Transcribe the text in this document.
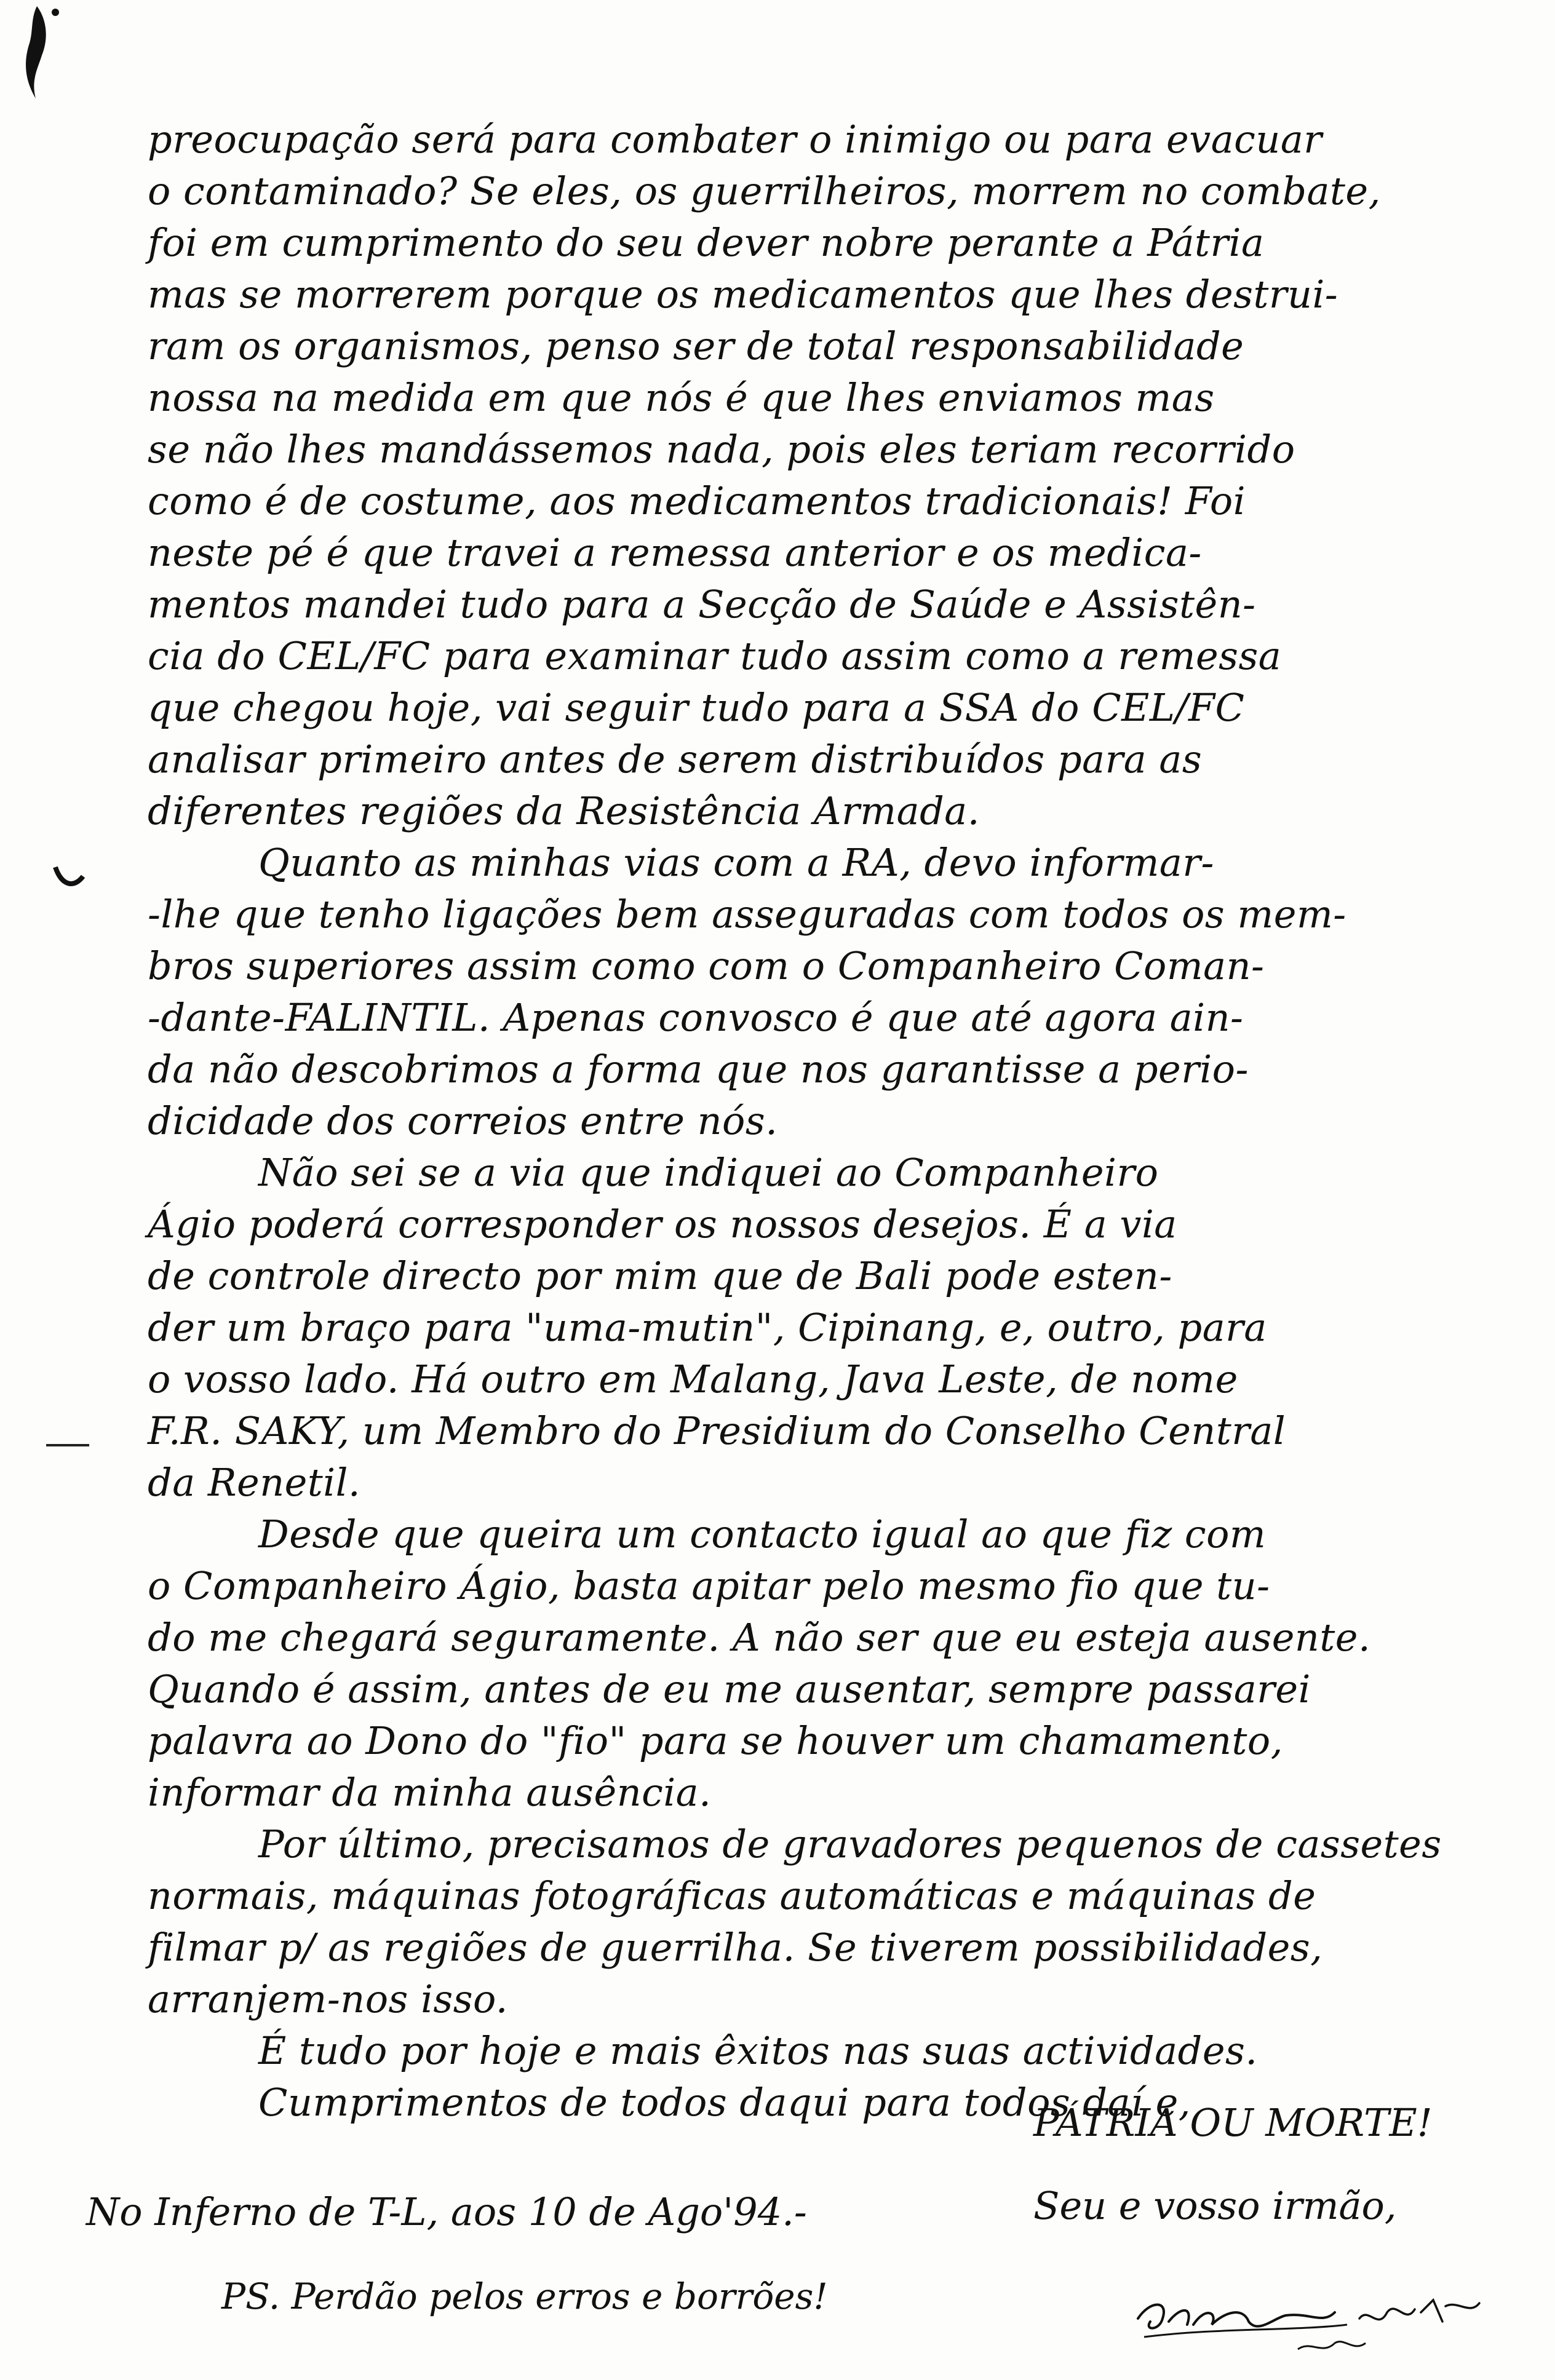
preocupação será para combater o inimigo ou para evacuar
o contaminado? Se eles, os guerrilheiros, morrem no combate,
foi em cumprimento do seu dever nobre perante a Pátria
mas se morrerem porque os medicamentos que lhes destrui-
ram os organismos, penso ser de total responsabilidade
nossa na medida em que nós é que lhes enviamos mas
se não lhes mandássemos nada, pois eles teriam recorrido
como é de costume, aos medicamentos tradicionais! Foi
neste pé é que travei a remessa anterior e os medica-
mentos mandei tudo para a Secção de Saúde e Assistên-
cia do CEL/FC para examinar tudo assim como a remessa
que chegou hoje, vai seguir tudo para a SSA do CEL/FC
analisar primeiro antes de serem distribuídos para as
diferentes regiões da Resistência Armada.
Quanto as minhas vias com a RA, devo informar-
-lhe que tenho ligações bem asseguradas com todos os mem-
bros superiores assim como com o Companheiro Coman-
-dante-FALINTIL. Apenas convosco é que até agora ain-
da não descobrimos a forma que nos garantisse a perio-
dicidade dos correios entre nós.
Não sei se a via que indiquei ao Companheiro
Ágio poderá corresponder os nossos desejos. É a via
de controle directo por mim que de Bali pode esten-
der um braço para "uma-mutin", Cipinang, e, outro, para
o vosso lado. Há outro em Malang, Java Leste, de nome
F.R. SAKY, um Membro do Presidium do Conselho Central
da Renetil.
Desde que queira um contacto igual ao que fiz com
o Companheiro Ágio, basta apitar pelo mesmo fio que tu-
do me chegará seguramente. A não ser que eu esteja ausente.
Quando é assim, antes de eu me ausentar, sempre passarei
palavra ao Dono do "fio" para se houver um chamamento,
informar da minha ausência.
Por último, precisamos de gravadores pequenos de cassetes
normais, máquinas fotográficas automáticas e máquinas de
filmar p/ as regiões de guerrilha. Se tiverem possibilidades,
arranjem-nos isso.
É tudo por hoje e mais êxitos nas suas actividades.
Cumprimentos de todos daqui para todos daí e,
PÁTRIA OU MORTE!
No Inferno de T-L, aos 10 de Ago'94.-	Seu e vosso irmão,
PS. Perdão pelos erros e borrões!
